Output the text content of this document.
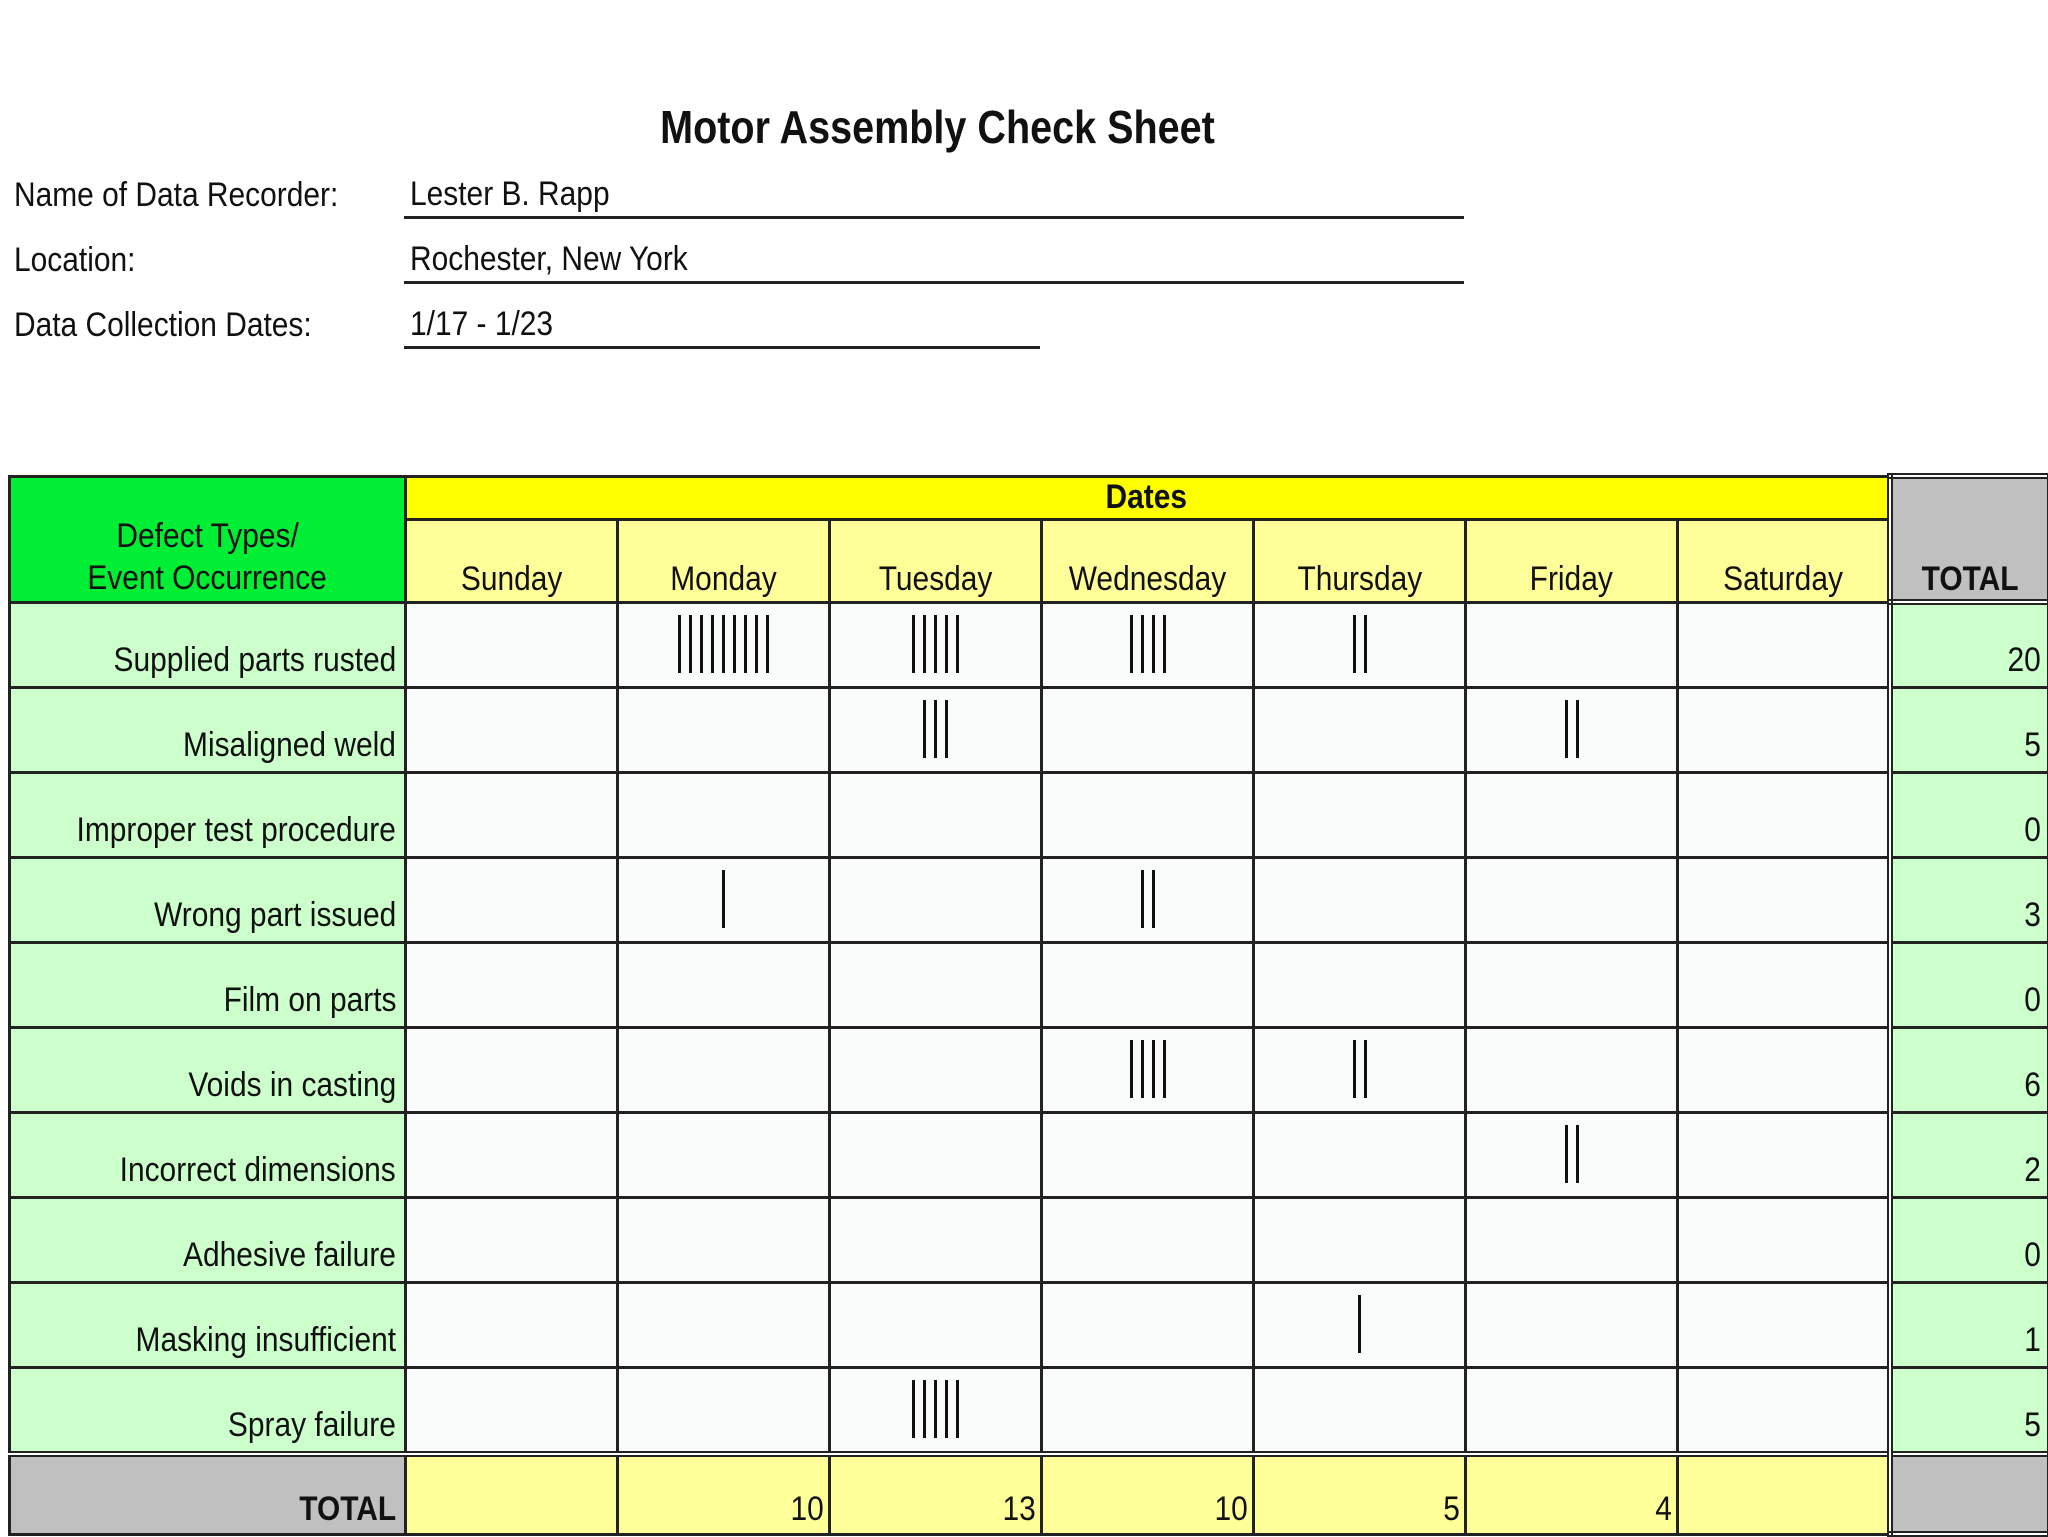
Motor Assembly Check Sheet
Name of Data Recorder: Lester B. Rapp
Location:	Rochester, New York
Data Collection Dates:	1/17 - 1/23
Defect Types/
Event Occurrence	Dates							TOTAL
	Sunday	Monday	Tuesday	Wednesday	Thursday	Friday	Saturday	
Supplied parts rusted								20
Misaligned weld								5
Improper test procedure								0
Wrong part issued								3
Film on parts								0
Voids in casting								6
Incorrect dimensions								2
Adhesive failure								0
Masking insufficient								1
Spray failure								5
TOTAL		10	13	10	5	4		
